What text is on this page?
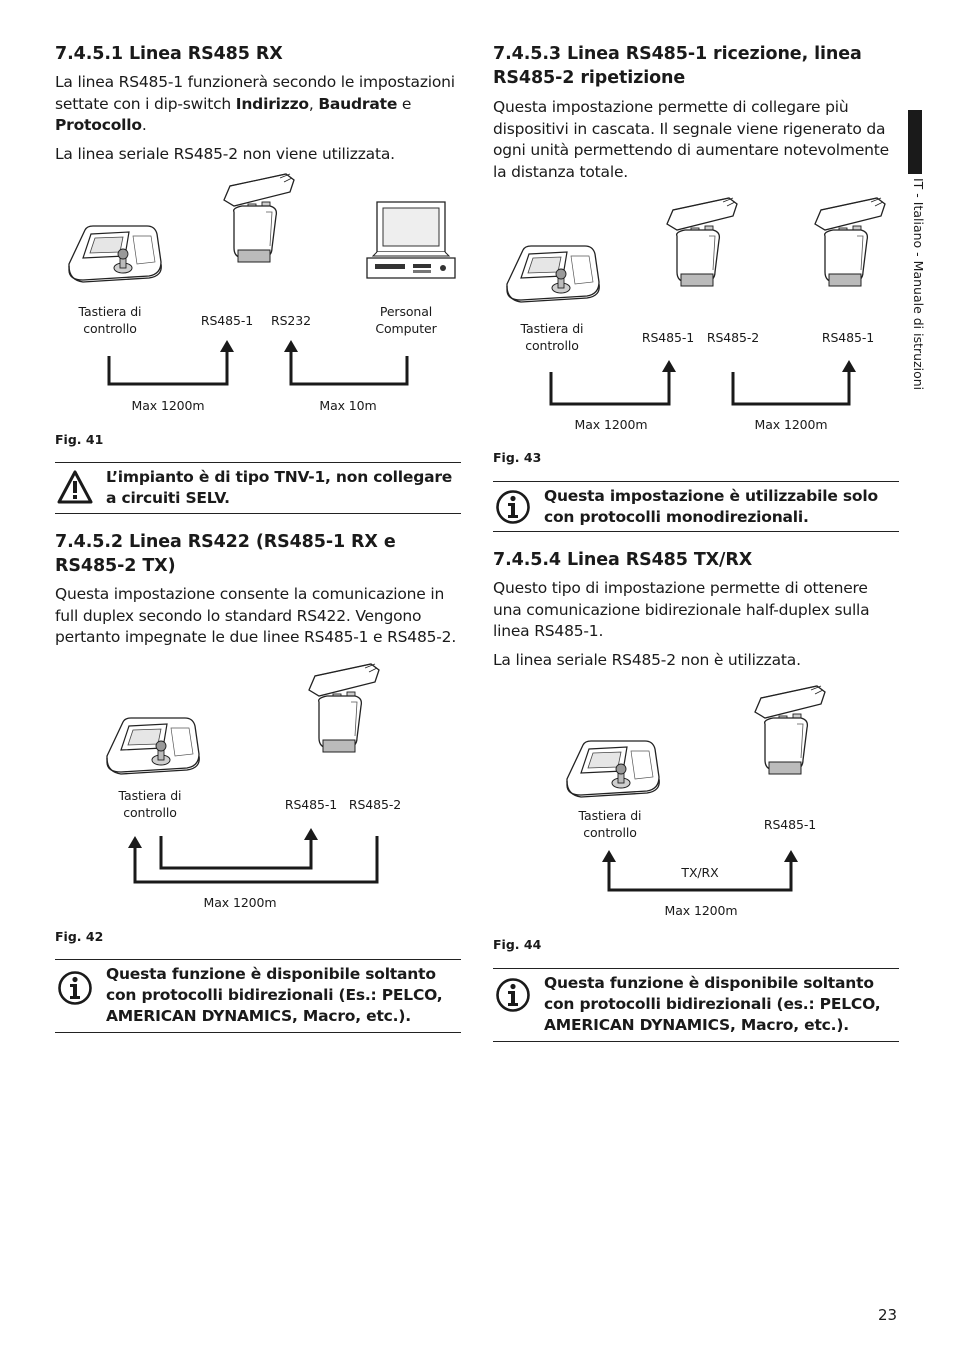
IT - Italiano - Manuale di istruzioni
7.4.5.1 Linea RS485 RX

La linea RS485-1 funzionerà secondo le impostazioni settate con i dip-switch Indirizzo, Baudrate e Protocollo.

La linea seriale RS485-2 non viene utilizzata.

Tastiera di controllo
RS485-1	RS232
Personal Computer
Max 1200m	Max 10m
Fig. 41
L’impianto è di tipo TNV-1, non collegare a circuiti SELV.
7.4.5.2 Linea RS422 (RS485-1 RX e RS485-2 TX)

Questa impostazione consente la comunicazione in full duplex secondo lo standard RS422. Vengono pertanto impegnate le due linee RS485-1 e RS485-2.

Tastiera di controllo
RS485-1 RS485-2
Max 1200m
Fig. 42
Questa funzione è disponibile soltanto con protocolli bidirezionali (Es.: PELCO, AMERICAN DYNAMICS, Macro, etc.).
7.4.5.3 Linea RS485-1 ricezione, linea RS485-2 ripetizione

Questa impostazione permette di collegare più dispositivi in cascata. Il segnale viene rigenerato da ogni unità permettendo di aumentare notevolmente la distanza totale.

Tastiera di controllo
RS485-1	RS485-2	RS485-1
Max 1200m	Max 1200m
Fig. 43
Questa impostazione è utilizzabile solo con protocolli monodirezionali.
7.4.5.4 Linea RS485 TX/RX

Questo tipo di impostazione permette di ottenere una comunicazione bidirezionale half-duplex sulla linea RS485-1.

La linea seriale RS485-2 non è utilizzata.

Tastiera di controllo
RS485-1
TX/RX
Max 1200m
Fig. 44
Questa funzione è disponibile soltanto con protocolli bidirezionali (es.: PELCO, AMERICAN DYNAMICS, Macro, etc.).
23
